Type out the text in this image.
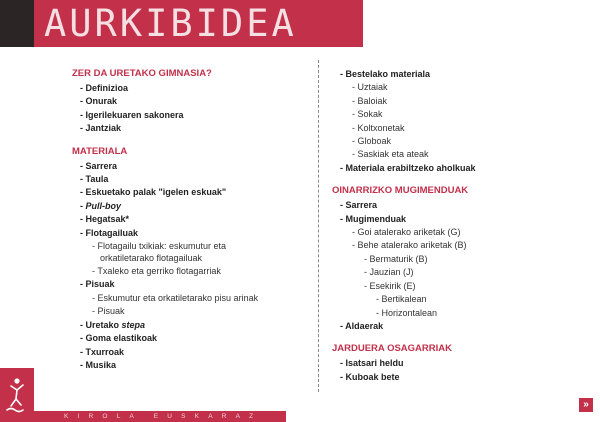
AURKIBIDEA
ZER DA URETAKO GIMNASIA?
- Definizioa
- Onurak
- Igerilekuaren sakonera
- Jantziak
MATERIALA
- Sarrera
- Taula
- Eskuetako palak "igelen eskuak"
- Pull-boy
- Hegatsak*
- Flotagailuak
- Flotagailu txikiak: eskumutur eta
orkatiletarako flotagailuak
- Txaleko eta gerriko flotagarriak
- Pisuak
- Eskumutur eta orkatiletarako pisu arinak
- Pisuak
- Uretako stepa
- Goma elastikoak
- Txurroak
- Musika
- Bestelako materiala
- Uztaiak
- Baloiak
- Sokak
- Koltxonetak
- Globoak
- Saskiak eta ateak
- Materiala erabiltzeko aholkuak
OINARRIZKO MUGIMENDUAK
- Sarrera
- Mugimenduak
- Goi atalerako ariketak (G)
- Behe atalerako ariketak (B)
- Bermaturik (B)
- Jauzian (J)
- Esekirik (E)
- Bertikalean
- Horizontalean
- Aldaerak
JARDUERA OSAGARRIAK
- Isatsari heldu
- Kuboak bete
KIROLA EUSKARAZ
»
